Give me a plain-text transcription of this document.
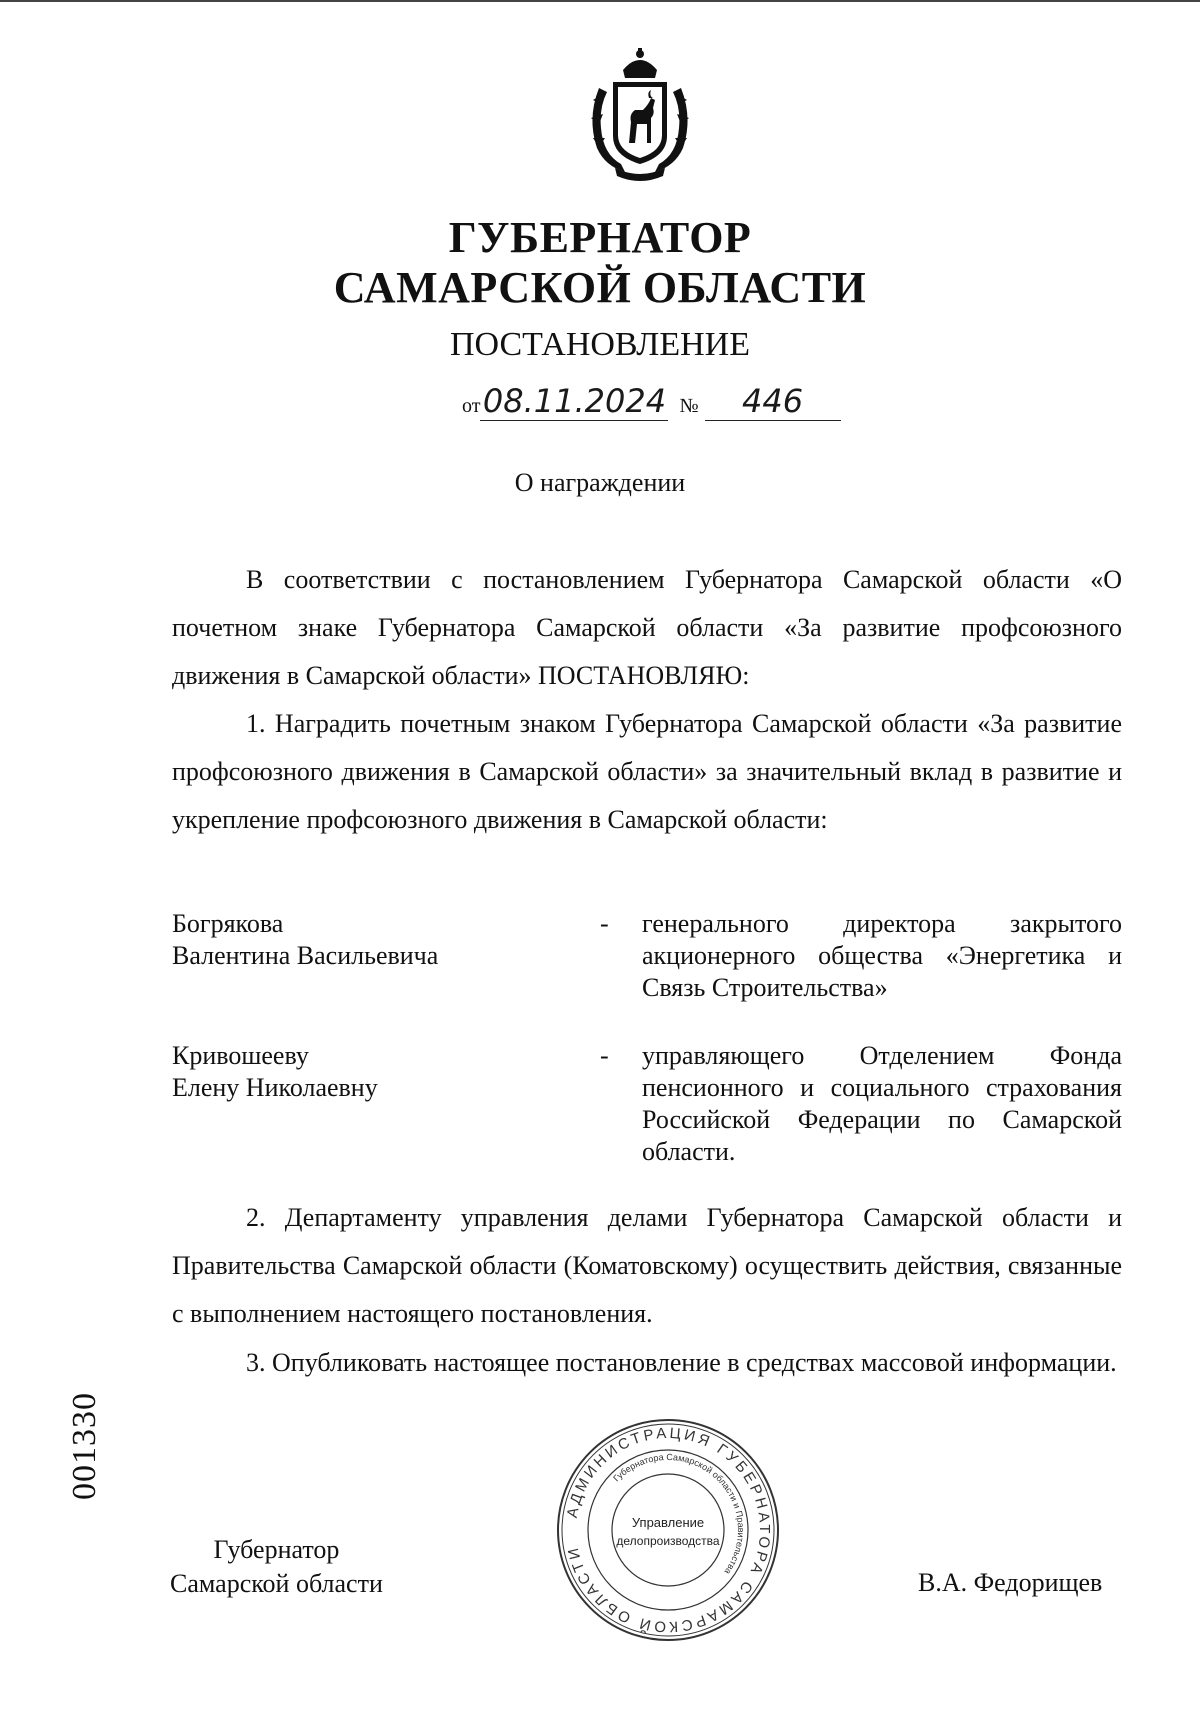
ГУБЕРНАТОР
САМАРСКОЙ ОБЛАСТИ
ПОСТАНОВЛЕНИЕ
от08.11.2024 № 446
О награждении
В соответствии с постановлением Губернатора Самарской области «О почетном знаке Губернатора Самарской области «За развитие профсоюзного движения в Самарской области» ПОСТАНОВЛЯЮ:
1. Наградить почетным знаком Губернатора Самарской области «За развитие профсоюзного движения в Самарской области» за значительный вклад в развитие и укрепление профсоюзного движения в Самарской области:
Богрякова
Валентина Васильевича
- генерального директора закрытого акционерного общества «Энергетика и Связь Строительства»
Кривошееву
Елену Николаевну
- управляющего Отделением Фонда пенсионного и социального страхования Российской Федерации по Самарской области.
2. Департаменту управления делами Губернатора Самарской области и Правительства Самарской области (Коматовскому) осуществить действия, связанные с выполнением настоящего постановления.
3. Опубликовать настоящее постановление в средствах массовой информации.
001330
АДМИНИСТРАЦИЯ ГУБЕРНАТОРА САМАРСКОЙ ОБЛАСТИ
Губернатора Самарской области и Правительства
Управление
делопроизводства
Губернатор
Самарской области	В.А. Федорищев
